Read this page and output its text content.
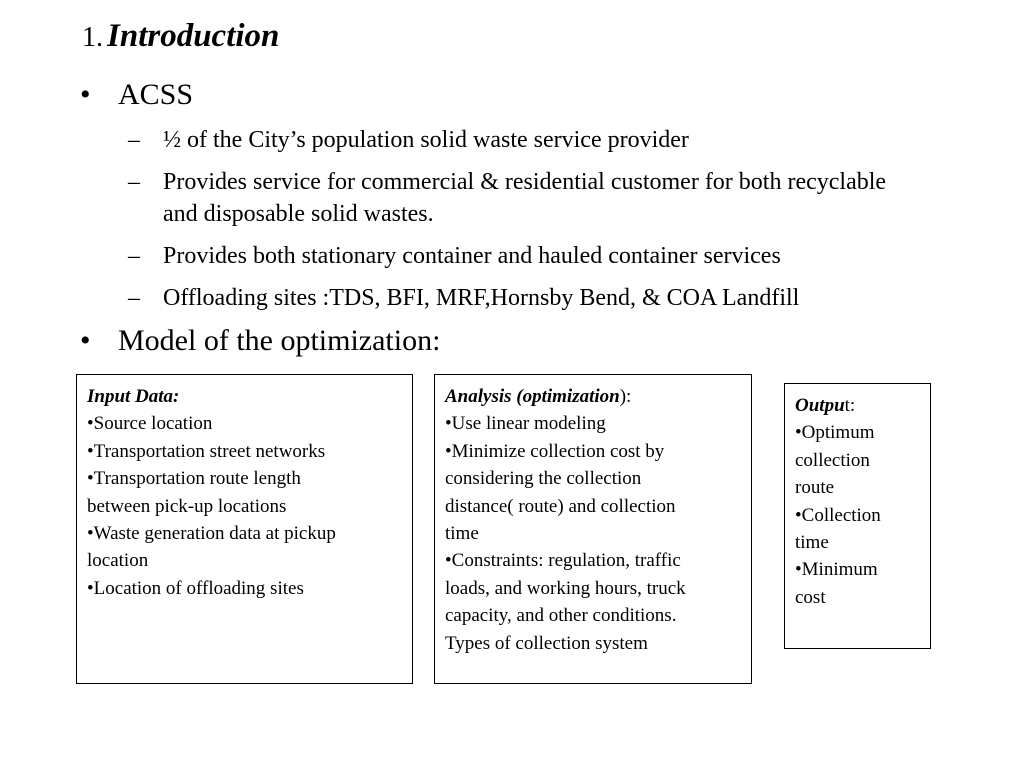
1. Introduction
• ACSS
– ½ of the City’s population solid waste service provider
– Provides service for commercial & residential customer for both recyclable and disposable solid wastes.
– Provides both stationary container and hauled container services
– Offloading sites :TDS, BFI, MRF,Hornsby Bend, & COA Landfill
• Model of the optimization:
Input Data:
•Source location
•Transportation street networks
•Transportation route length
between pick-up locations
•Waste generation data at pickup
location
•Location of offloading sites
Analysis (optimization):
•Use linear modeling
•Minimize collection cost by
considering the collection
distance( route) and collection
time
•Constraints: regulation, traffic
loads, and working hours, truck
capacity, and other conditions.
Types of collection system
Output:
•Optimum
collection
route
•Collection
time
•Minimum
cost
